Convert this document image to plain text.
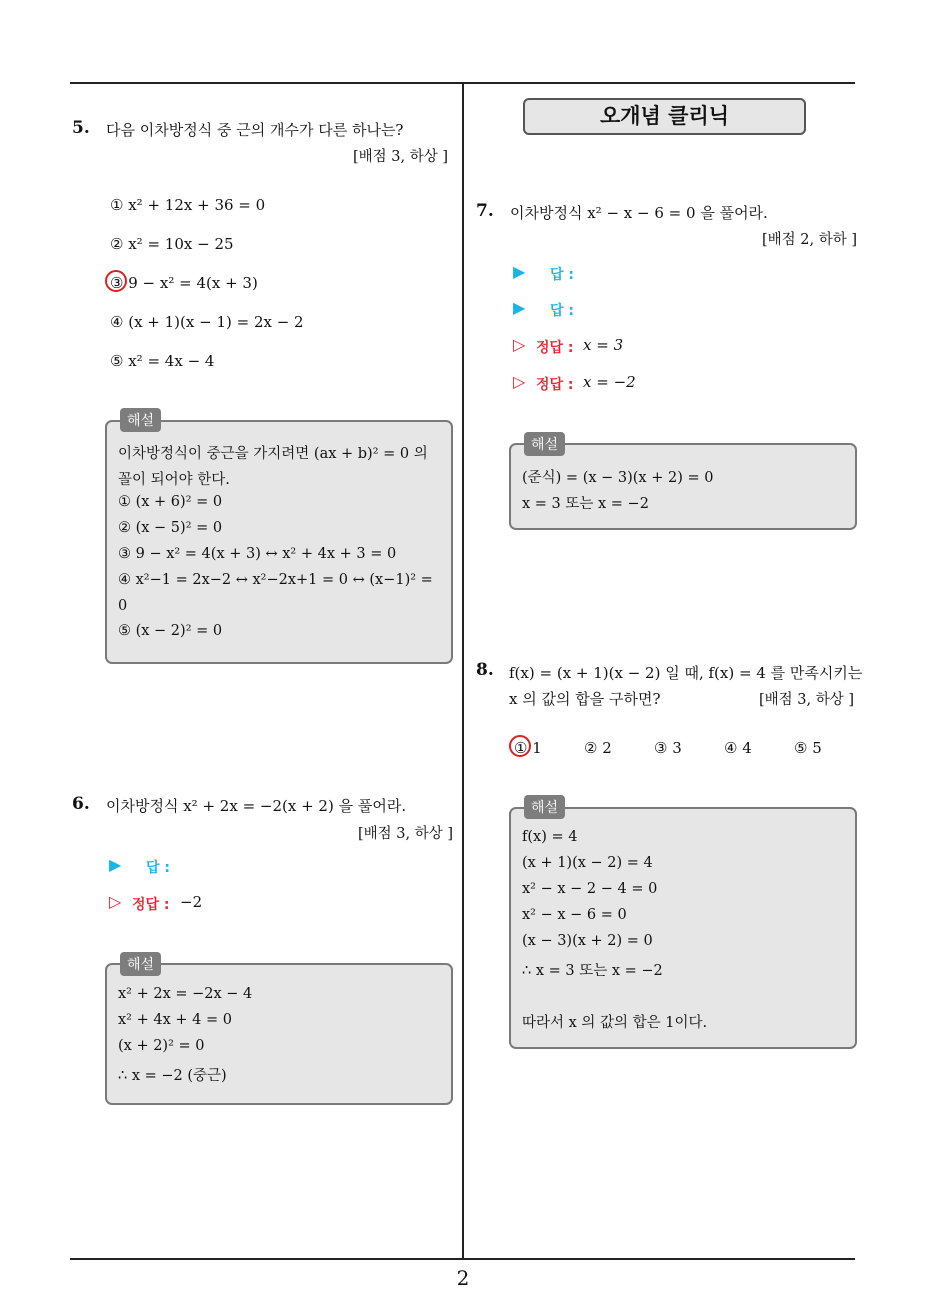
오개념 클리닉
5. 다음 이차방정식 중 근의 개수가 다른 하나는?
[배점 3, 하상 ]
① x² + 12x + 36 = 0
② x² = 10x − 25
③ 9 − x² = 4(x + 3)
④ (x + 1)(x − 1) = 2x − 2
⑤ x² = 4x − 4
해설
이차방정식이 중근을 가지려면 (ax + b)² = 0 의
꼴이 되어야 한다.
① (x + 6)² = 0
② (x − 5)² = 0
③ 9 − x² = 4(x + 3) ↔ x² + 4x + 3 = 0
④ x²−1 = 2x−2 ↔ x²−2x+1 = 0 ↔ (x−1)² =
0
⑤ (x − 2)² = 0
6. 이차방정식 x² + 2x = −2(x + 2) 을 풀어라.
[배점 3, 하상 ]
▶ 답 :
▷ 정답 : −2
해설
x² + 2x = −2x − 4
x² + 4x + 4 = 0
(x + 2)² = 0
∴ x = −2 (중근)
7. 이차방정식 x² − x − 6 = 0 을 풀어라.
[배점 2, 하하 ]
▶ 답 :
▶ 답 :
▷ 정답 : x = 3
▷ 정답 : x = −2
해설
(준식) = (x − 3)(x + 2) = 0
x = 3 또는 x = −2
8. f(x) = (x + 1)(x − 2) 일 때, f(x) = 4 를 만족시키는
x 의 값의 합을 구하면?	[배점 3, 하상 ]
① 1	② 2	③ 3	④ 4	⑤ 5
해설
f(x) = 4
(x + 1)(x − 2) = 4
x² − x − 2 − 4 = 0
x² − x − 6 = 0
(x − 3)(x + 2) = 0
∴ x = 3 또는 x = −2
따라서 x 의 값의 합은 1이다.
2
